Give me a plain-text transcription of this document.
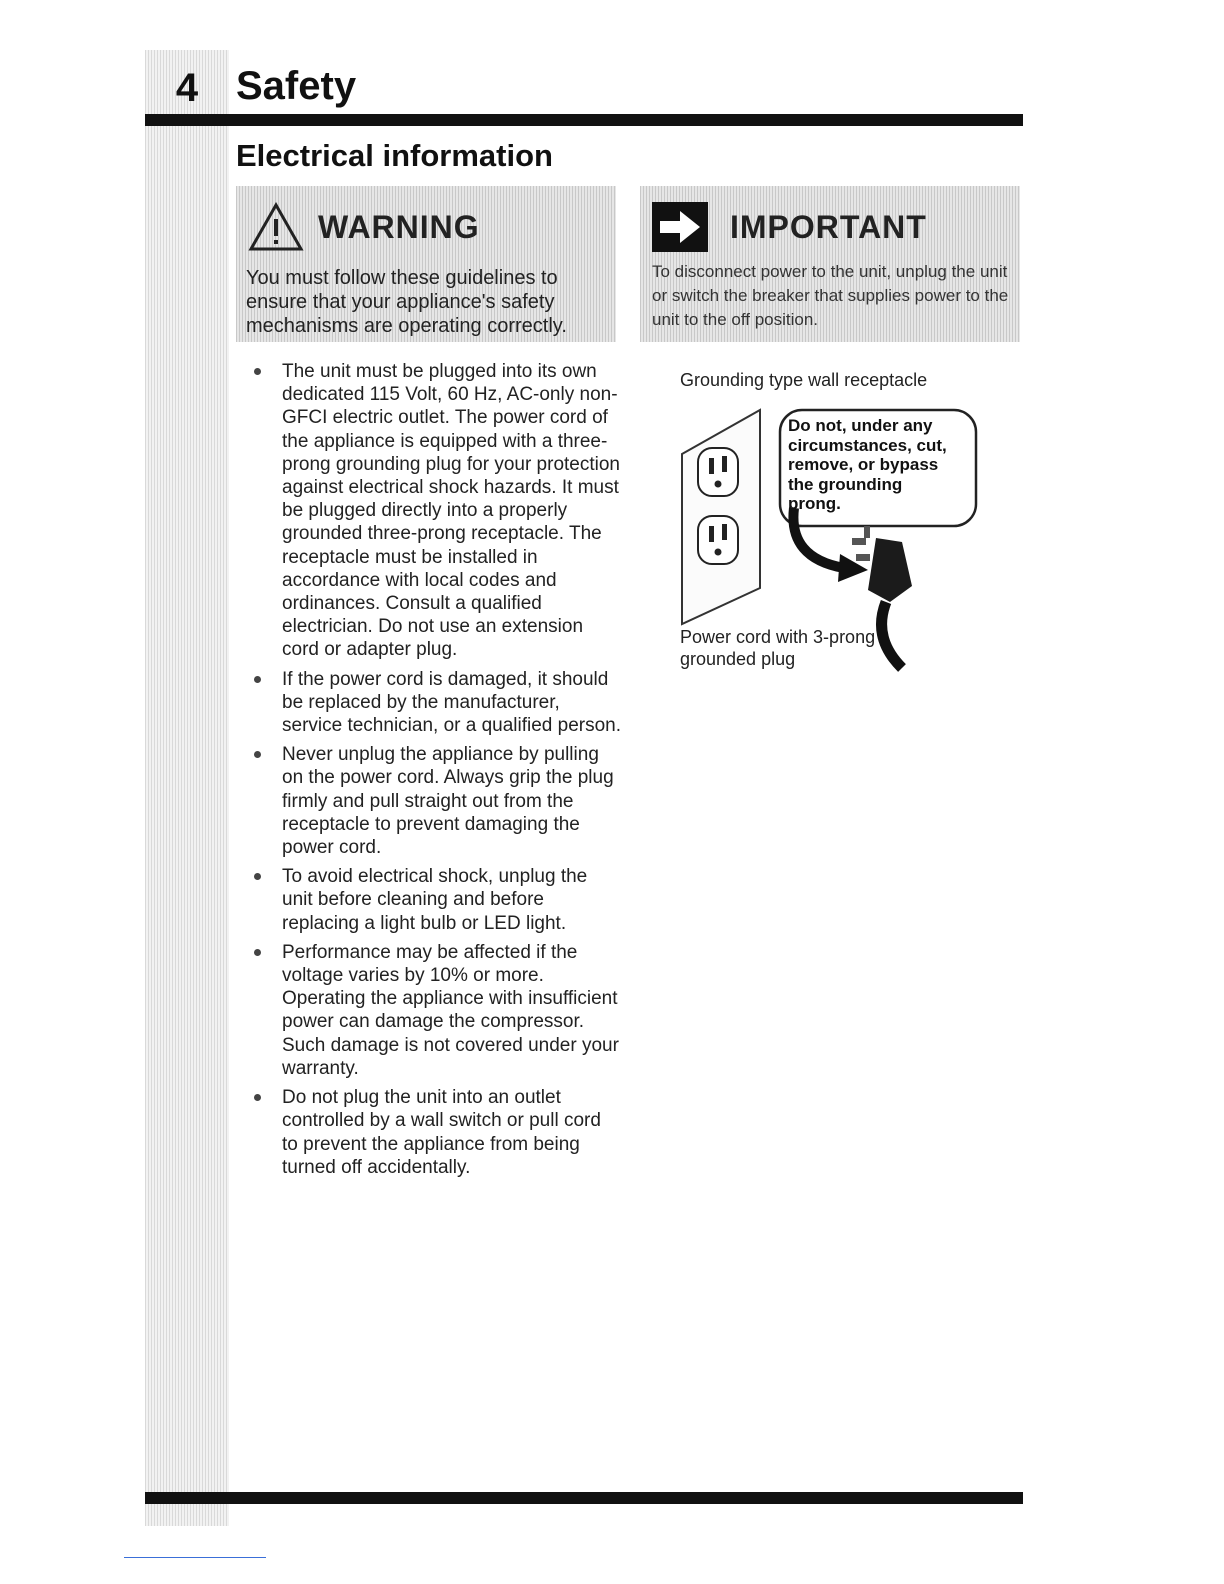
4 Safety
Electrical information
WARNING
You must follow these guidelines to ensure that your appliance's safety mechanisms are operating correctly.
IMPORTANT
To disconnect power to the unit, unplug the unit or switch the breaker that supplies power to the unit to the off position.
The unit must be plugged into its own dedicated 115 Volt, 60 Hz, AC-only non-GFCI electric outlet. The power cord of the appliance is equipped with a three-prong grounding plug for your protection against electrical shock hazards. It must be plugged directly into a properly grounded three-prong receptacle. The receptacle must be installed in accordance with local codes and ordinances. Consult a qualified electrician. Do not use an extension cord or adapter plug.
If the power cord is damaged, it should be replaced by the manufacturer, service technician, or a qualified person.
Never unplug the appliance by pulling on the power cord. Always grip the plug firmly and pull straight out from the receptacle to prevent damaging the power cord.
To avoid electrical shock, unplug the unit before cleaning and before replacing a light bulb or LED light.
Performance may be affected if the voltage varies by 10% or more. Operating the appliance with insufficient power can damage the compressor. Such damage is not covered under your warranty.
Do not plug the unit into an outlet controlled by a wall switch or pull cord to prevent the appliance from being turned off accidentally.
Grounding type wall receptacle
Do not, under any circumstances, cut, remove, or bypass the grounding prong.
Power cord with 3-prong grounded plug
